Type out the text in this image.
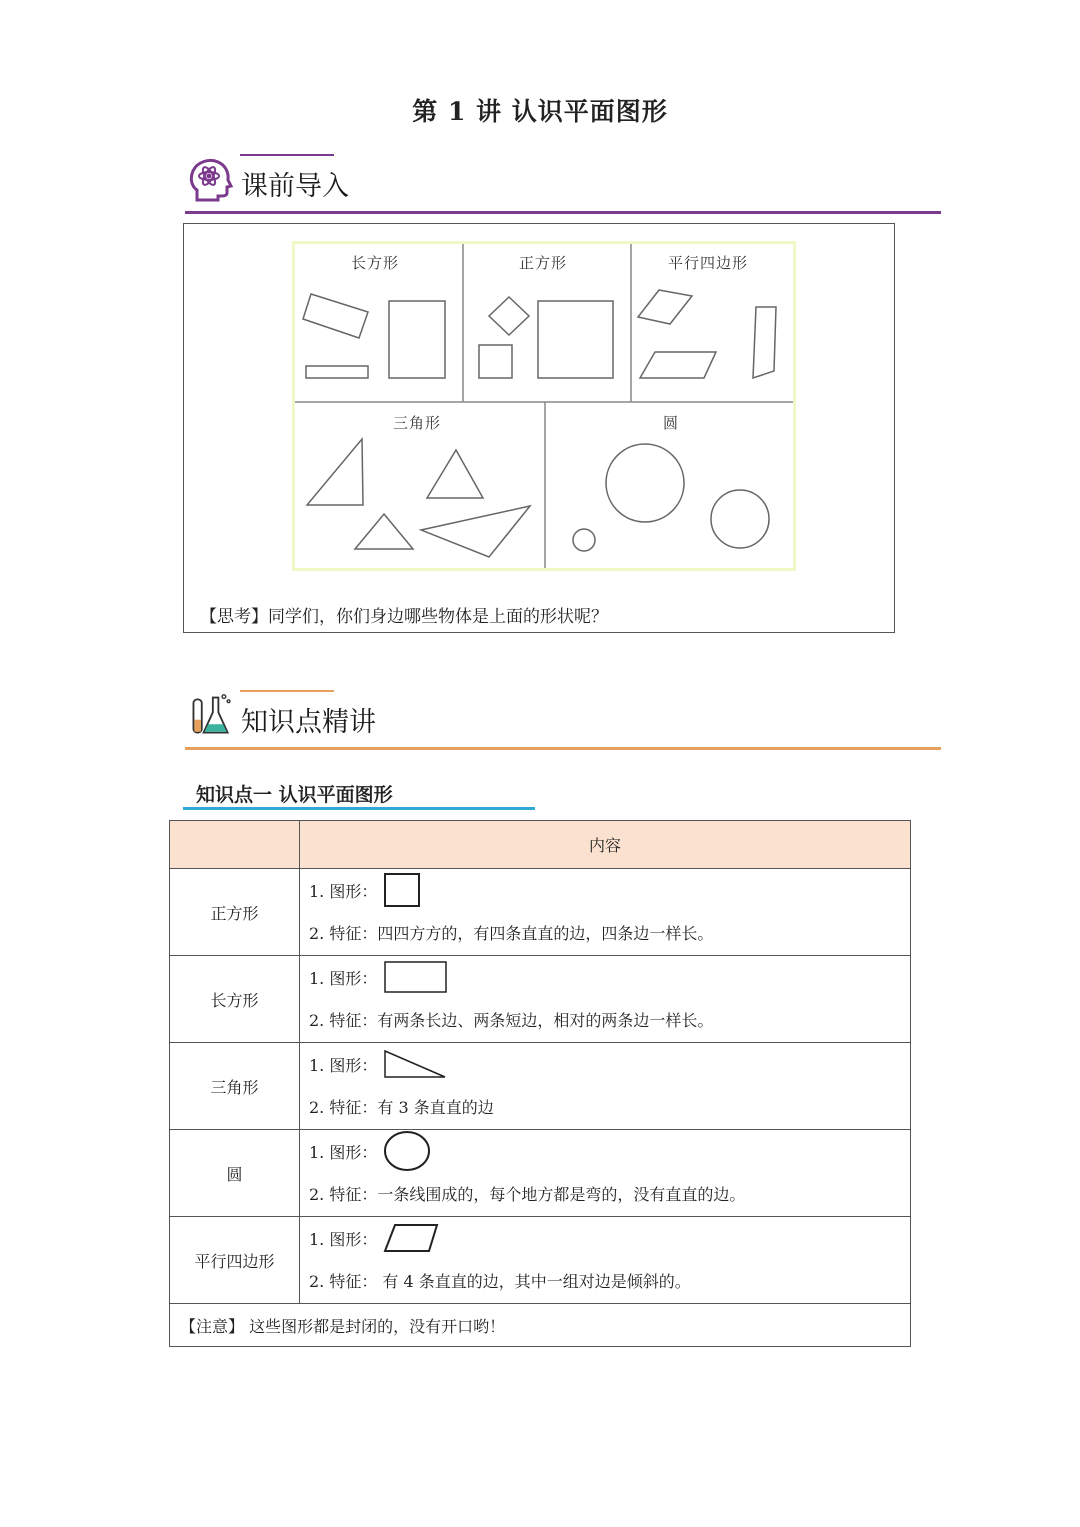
第 1 讲 认识平面图形
课前导入
长方形	正方形	平行四边形
三角形	圆
【思考】同学们，你们身边哪些物体是上面的形状呢？
知识点精讲
知识点一 认识平面图形
	内容
正方形	1. 图形：
2. 特征：四四方方的，有四条直直的边，四条边一样长。

长方形	1. 图形：
2. 特征：有两条长边、两条短边，相对的两条边一样长。

三角形	1. 图形：
2. 特征：有 3 条直直的边

圆	1. 图形：
2. 特征：一条线围成的，每个地方都是弯的，没有直直的边。

平行四边形	1. 图形：
2. 特征： 有 4 条直直的边，其中一组对边是倾斜的。

【注意】 这些图形都是封闭的，没有开口哟！	
